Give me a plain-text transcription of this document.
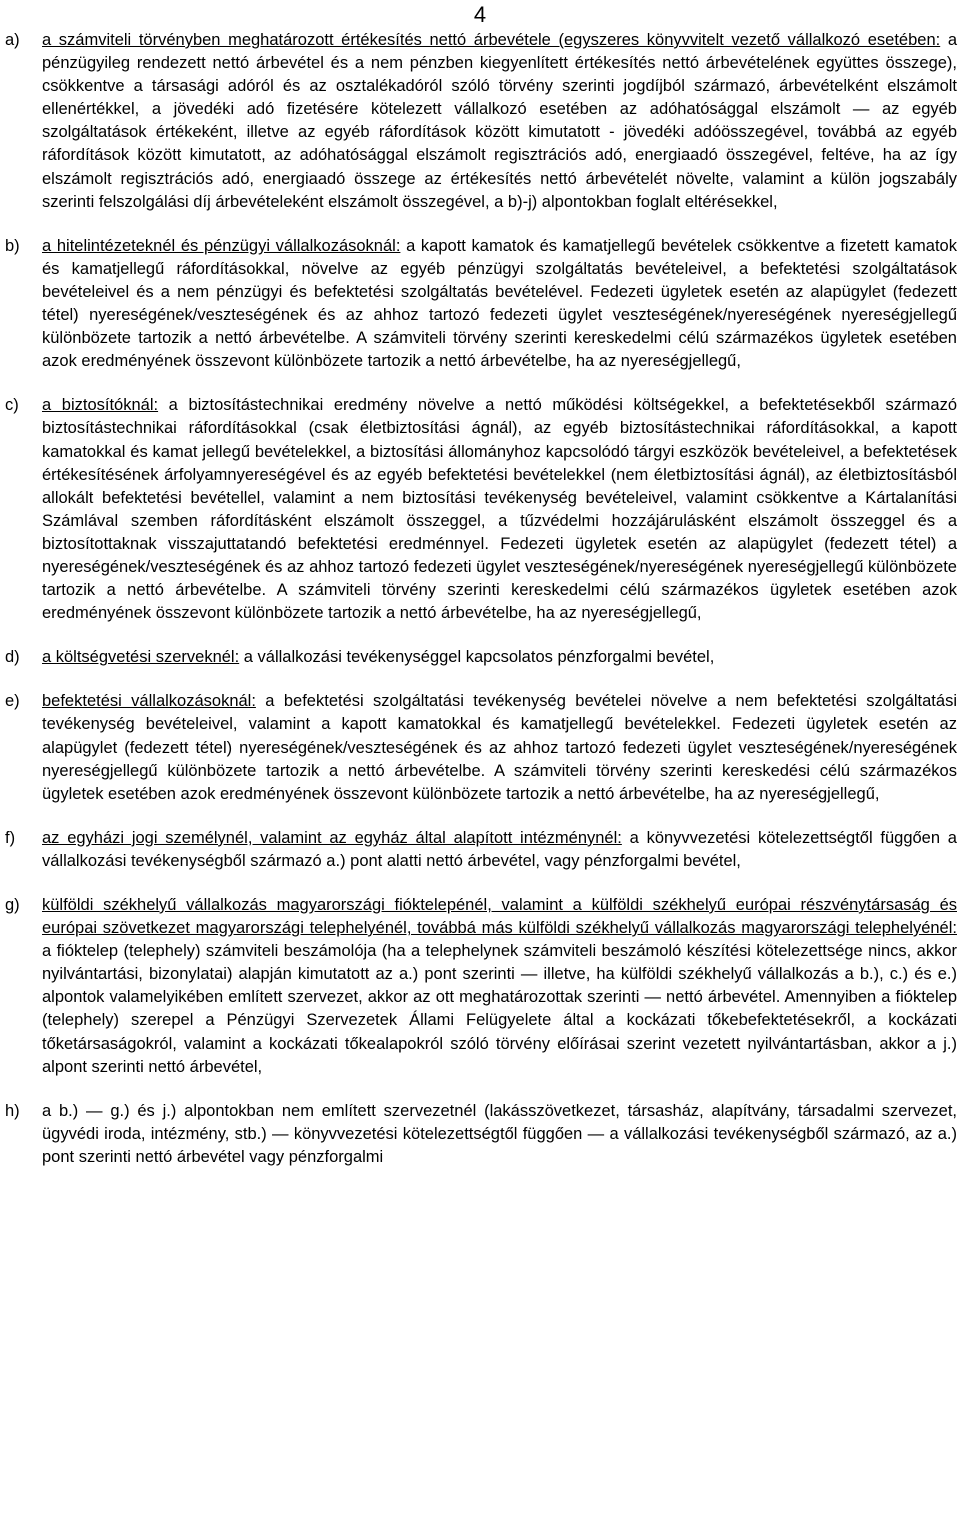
4
a)	a számviteli törvényben meghatározott értékesítés nettó árbevétele (egyszeres könyvvitelt vezető vállalkozó esetében: a pénzügyileg rendezett nettó árbevétel és a nem pénzben kiegyenlített értékesítés nettó árbevételének együttes összege), csökkentve a társasági adóról és az osztalékadóról szóló törvény szerinti jogdíjból származó, árbevételként elszámolt ellenértékkel, a jövedéki adó fizetésére kötelezett vállalkozó esetében az adóhatósággal elszámolt ― az egyéb szolgáltatások értékeként, illetve az egyéb ráfordítások között kimutatott - jövedéki adóösszegével, továbbá az egyéb ráfordítások között kimutatott, az adóhatósággal elszámolt regisztrációs adó, energiaadó összegével, feltéve, ha az így elszámolt regisztrációs adó, energiaadó összege az értékesítés nettó árbevételét növelte, valamint a külön jogszabály szerinti felszolgálási díj árbevételeként elszámolt összegével, a b)-j) alpontokban foglalt eltérésekkel,
b)	a hitelintézeteknél és pénzügyi vállalkozásoknál: a kapott kamatok és kamatjellegű bevételek csökkentve a fizetett kamatok és kamatjellegű ráfordításokkal, növelve az egyéb pénzügyi szolgáltatás bevételeivel, a befektetési szolgáltatások bevételeivel és a nem pénzügyi és befektetési szolgáltatás bevételével. Fedezeti ügyletek esetén az alapügylet (fedezett tétel) nyereségének/veszteségének és az ahhoz tartozó fedezeti ügylet veszteségének/nyereségének nyereségjellegű különbözete tartozik a nettó árbevételbe. A számviteli törvény szerinti kereskedelmi célú származékos ügyletek esetében azok eredményének összevont különbözete tartozik a nettó árbevételbe, ha az nyereségjellegű,
c)	a biztosítóknál: a biztosítástechnikai eredmény növelve a nettó működési költségekkel, a befektetésekből származó biztosítástechnikai ráfordításokkal (csak életbiztosítási ágnál), az egyéb biztosítástechnikai ráfordításokkal, a kapott kamatokkal és kamat jellegű bevételekkel, a biztosítási állományhoz kapcsolódó tárgyi eszközök bevételeivel, a befektetések értékesítésének árfolyamnyereségével és az egyéb befektetési bevételekkel (nem életbiztosítási ágnál), az életbiztosításból allokált befektetési bevétellel, valamint a nem biztosítási tevékenység bevételeivel, valamint csökkentve a Kártalanítási Számlával szemben ráfordításként elszámolt összeggel, a tűzvédelmi hozzájárulásként elszámolt összeggel és a biztosítottaknak visszajuttatandó befektetési eredménnyel. Fedezeti ügyletek esetén az alapügylet (fedezett tétel) a nyereségének/veszteségének és az ahhoz tartozó fedezeti ügylet veszteségének/nyereségének nyereségjellegű különbözete tartozik a nettó árbevételbe. A számviteli törvény szerinti kereskedelmi célú származékos ügyletek esetében azok eredményének összevont különbözete tartozik a nettó árbevételbe, ha az nyereségjellegű,
d)	a költségvetési szerveknél: a vállalkozási tevékenységgel kapcsolatos pénzforgalmi bevétel,
e)	befektetési vállalkozásoknál: a befektetési szolgáltatási tevékenység bevételei növelve a nem befektetési szolgáltatási tevékenység bevételeivel, valamint a kapott kamatokkal és kamatjellegű bevételekkel. Fedezeti ügyletek esetén az alapügylet (fedezett tétel) nyereségének/veszteségének és az ahhoz tartozó fedezeti ügylet veszteségének/nyereségének nyereségjellegű különbözete tartozik a nettó árbevételbe. A számviteli törvény szerinti kereskedési célú származékos ügyletek esetében azok eredményének összevont különbözete tartozik a nettó árbevételbe, ha az nyereségjellegű,
f)	az egyházi jogi személynél, valamint az egyház által alapított intézménynél: a könyvvezetési kötelezettségtől függően a vállalkozási tevékenységből származó a.) pont alatti nettó árbevétel, vagy pénzforgalmi bevétel,
g)	külföldi székhelyű vállalkozás magyarországi fióktelepénél, valamint a külföldi székhelyű európai részvénytársaság és európai szövetkezet magyarországi telephelyénél, továbbá más külföldi székhelyű vállalkozás magyarországi telephelyénél: a fióktelep (telephely) számviteli beszámolója (ha a telephelynek számviteli beszámoló készítési kötelezettsége nincs, akkor nyilvántartási, bizonylatai) alapján kimutatott az a.) pont szerinti ― illetve, ha külföldi székhelyű vállalkozás a b.), c.) és e.) alpontok valamelyikében említett szervezet, akkor az ott meghatározottak szerinti ― nettó árbevétel. Amennyiben a fióktelep (telephely) szerepel a Pénzügyi Szervezetek Állami Felügyelete által a kockázati tőkebefektetésekről, a kockázati tőketársaságokról, valamint a kockázati tőkealapokról szóló törvény előírásai szerint vezetett nyilvántartásban, akkor a j.) alpont szerinti nettó árbevétel,
h)	a b.) ― g.) és j.) alpontokban nem említett szervezetnél (lakásszövetkezet, társasház, alapítvány, társadalmi szervezet, ügyvédi iroda, intézmény, stb.) ― könyvvezetési kötelezettségtől függően ― a vállalkozási tevékenységből származó, az a.) pont szerinti nettó árbevétel vagy pénzforgalmi
